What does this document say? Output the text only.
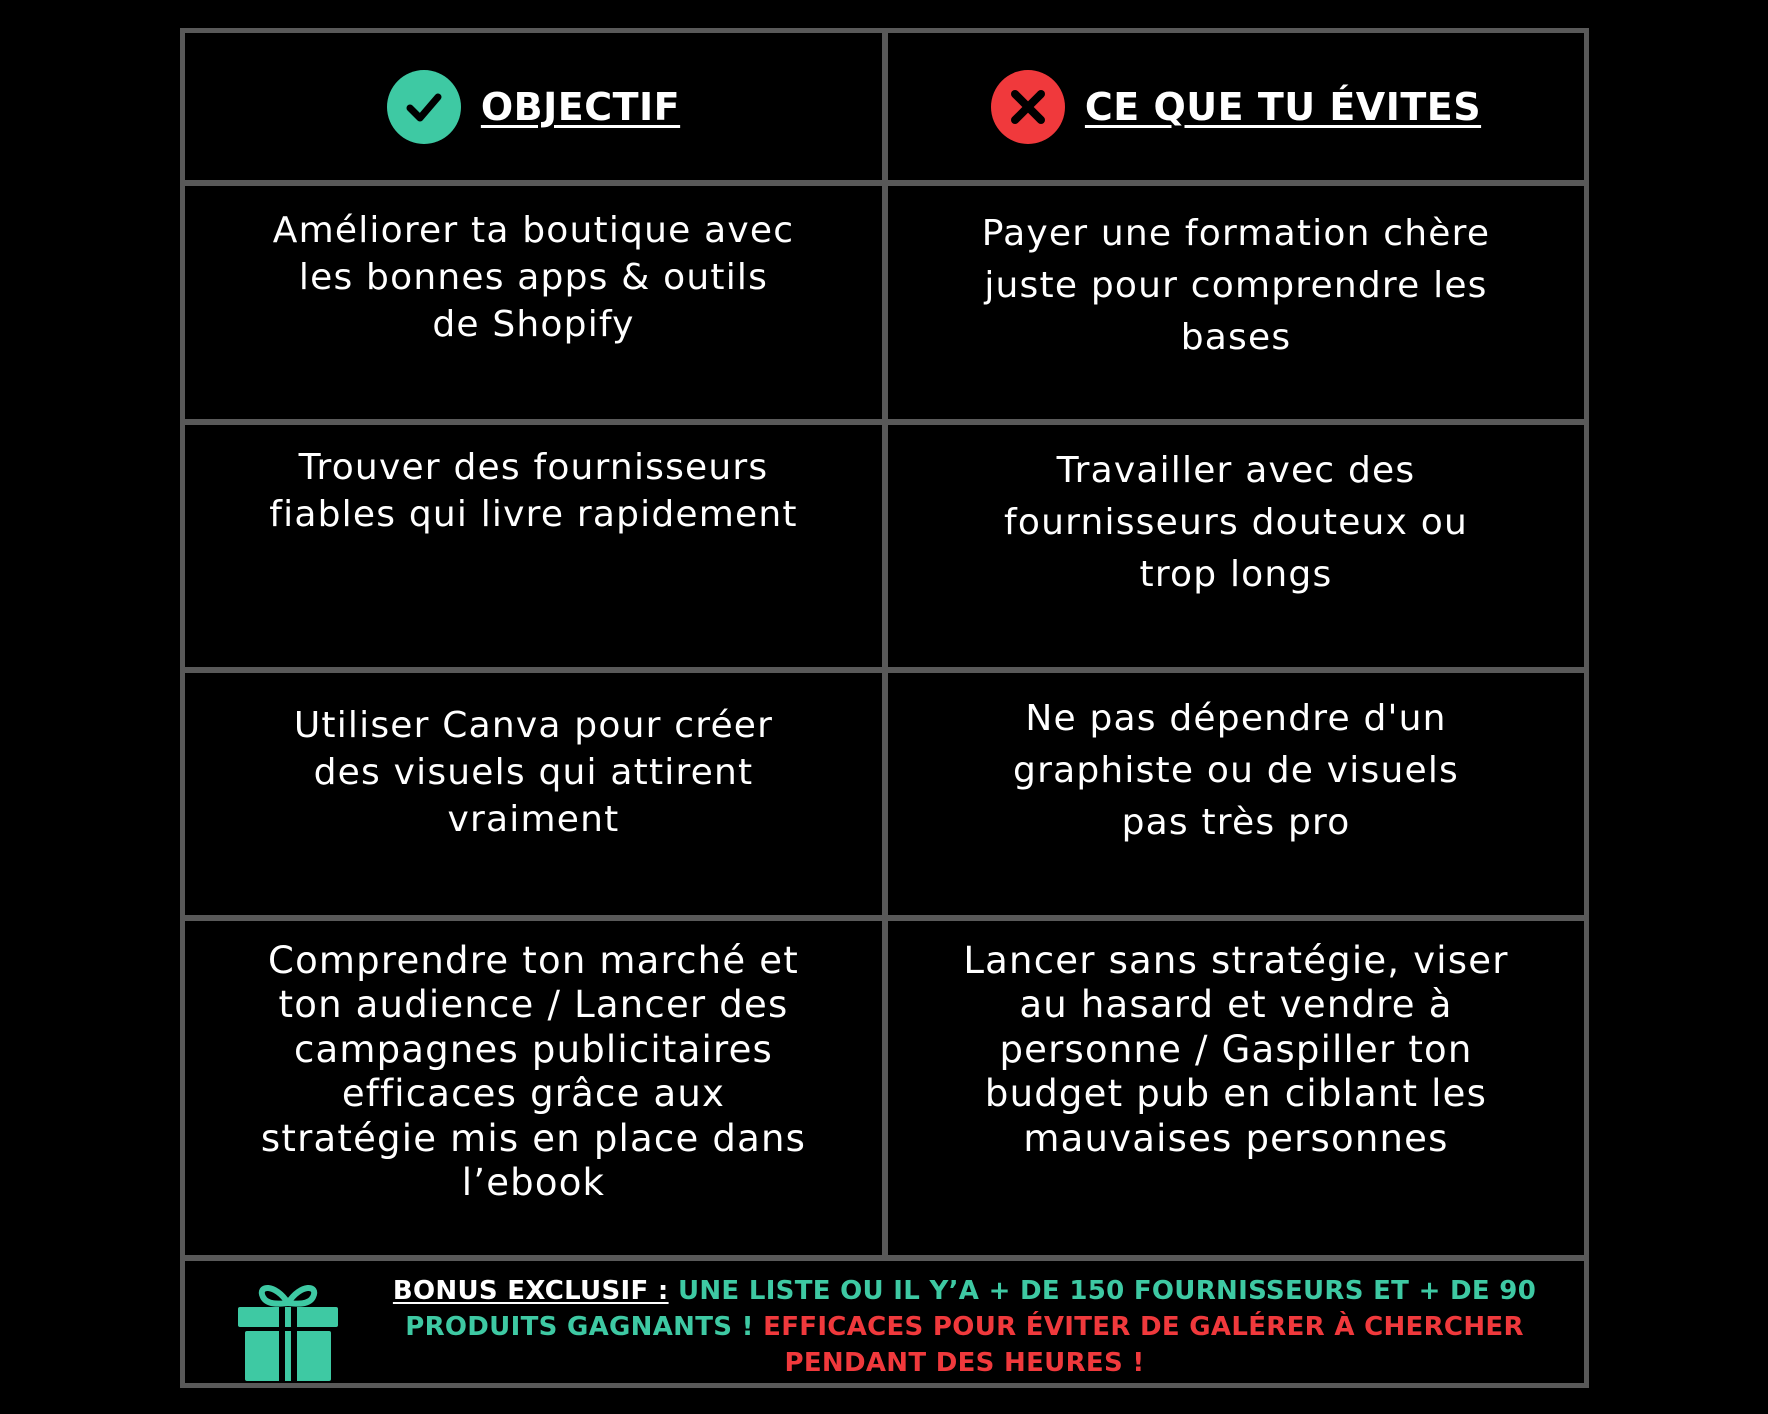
OBJECTIF	CE QUE TU ÉVITES
Améliorer ta boutique avec
les bonnes apps & outils
de Shopify
Payer une formation chère
juste pour comprendre les
bases
Trouver des fournisseurs
fiables qui livre rapidement
Travailler avec des
fournisseurs douteux ou
trop longs
Utiliser Canva pour créer
des visuels qui attirent
vraiment
Ne pas dépendre d'un
graphiste ou de visuels
pas très pro
Comprendre ton marché et
ton audience / Lancer des
campagnes publicitaires
efficaces grâce aux
stratégie mis en place dans
l’ebook
Lancer sans stratégie, viser
au hasard et vendre à
personne / Gaspiller ton
budget pub en ciblant les
mauvaises personnes
BONUS EXCLUSIF : UNE LISTE OU IL Y’A + DE 150 FOURNISSEURS ET + DE 90 PRODUITS GAGNANTS ! EFFICACES POUR ÉVITER DE GALÉRER À CHERCHER PENDANT DES HEURES !
